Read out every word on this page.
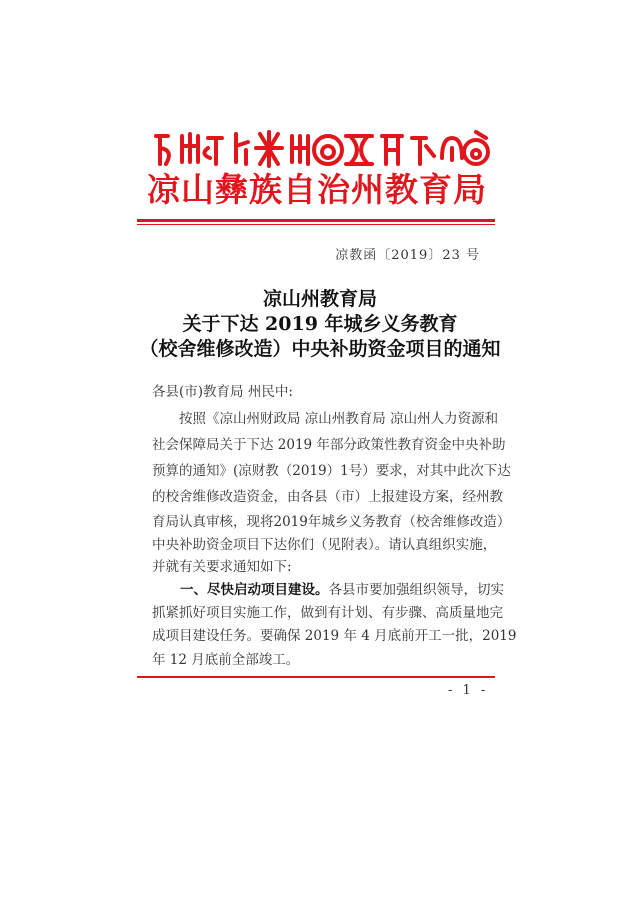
凉山彝族自治州教育局
凉教函〔2019〕23 号
凉山州教育局
关于下达 2019 年城乡义务教育
（校舍维修改造）中央补助资金项目的通知
各县(市)教育局 州民中:
　　按照《凉山州财政局 凉山州教育局 凉山州人力资源和
社会保障局关于下达 2019 年部分政策性教育资金中央补助
预算的通知》(凉财教（2019）1号）要求，对其中此次下达
的校舍维修改造资金，由各县（市）上报建设方案，经州教
育局认真审核，现将2019年城乡义务教育（校舍维修改造）
中央补助资金项目下达你们（见附表）。请认真组织实施，
并就有关要求通知如下:
一、尽快启动项目建设。各县市要加强组织领导，切实
抓紧抓好项目实施工作，做到有计划、有步骤、高质量地完
成项目建设任务。要确保 2019 年 4 月底前开工一批，2019
年 12 月底前全部竣工。
- 1 -
